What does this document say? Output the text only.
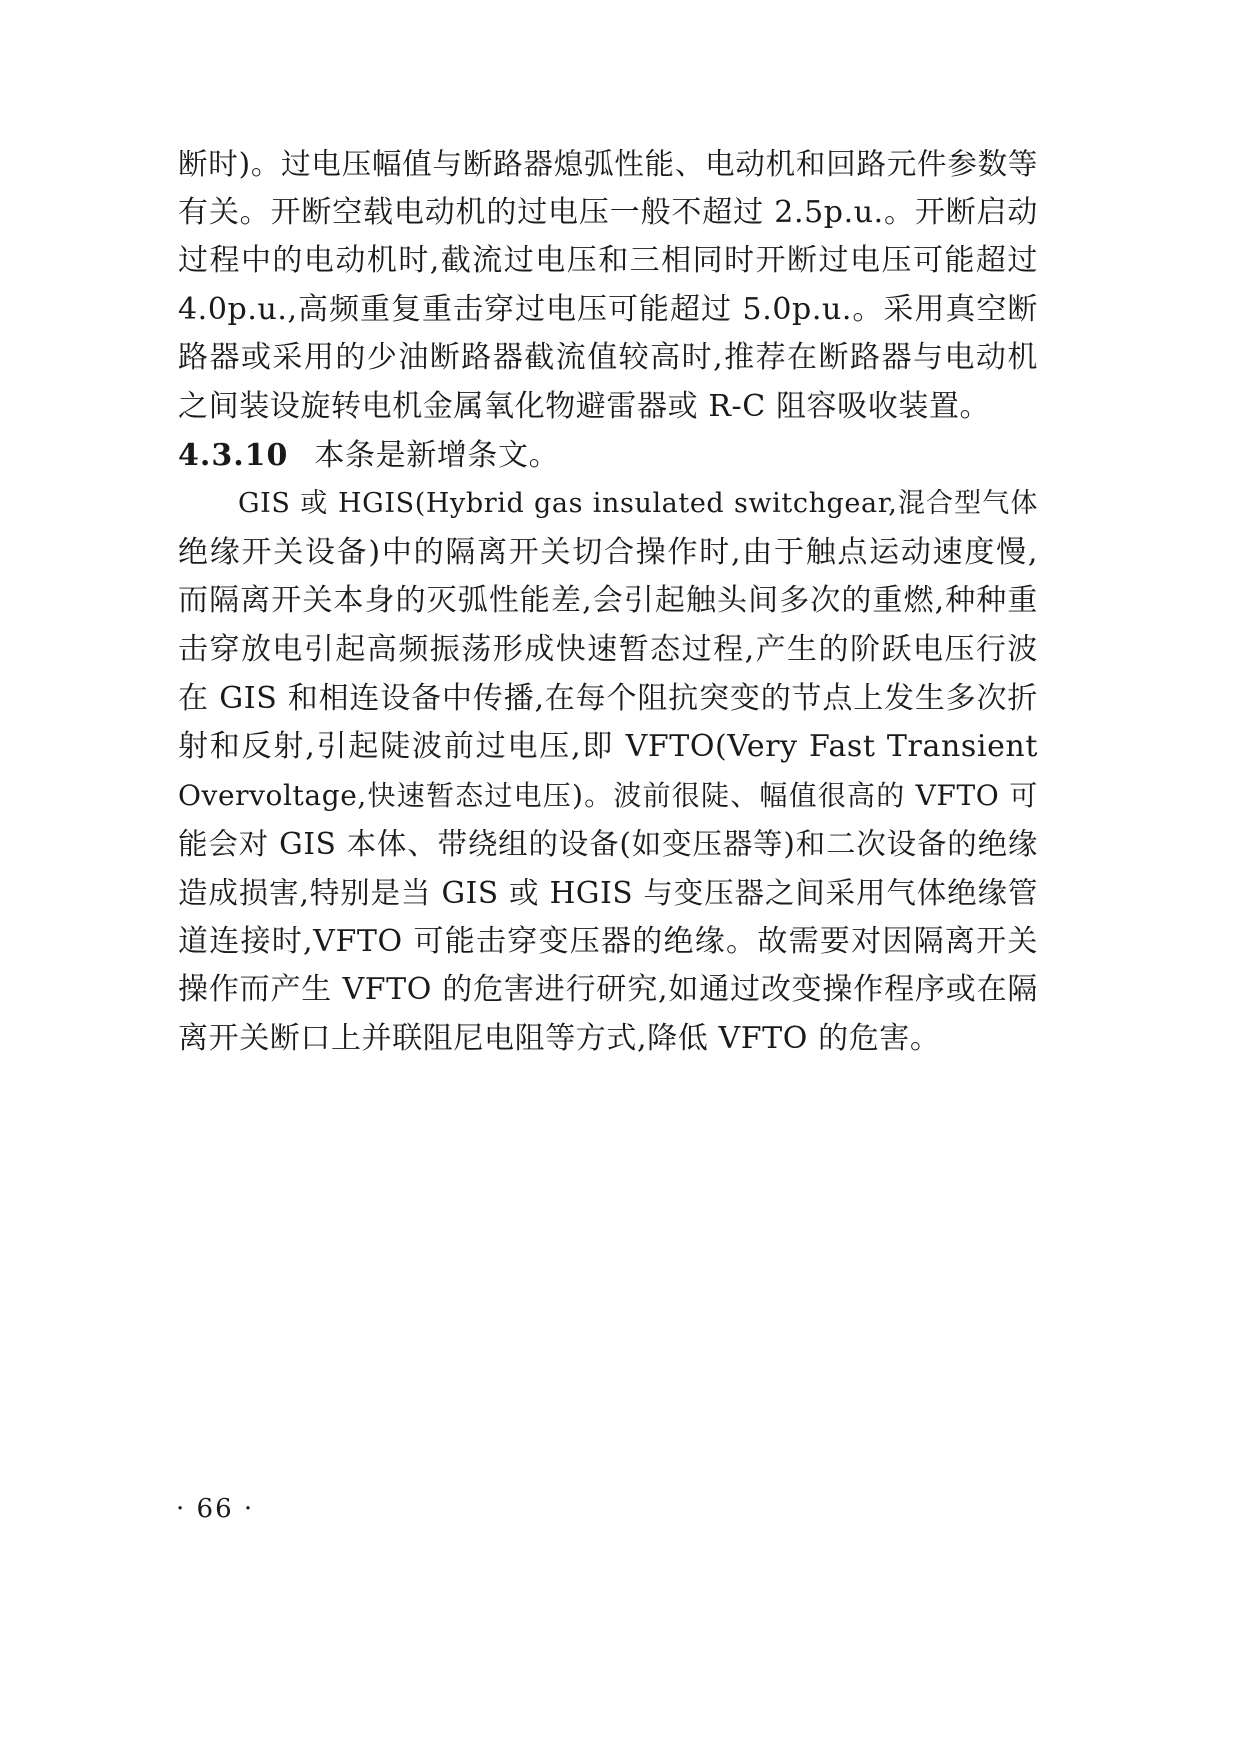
断时)。过电压幅值与断路器熄弧性能、电动机和回路元件参数等
有关。开断空载电动机的过电压一般不超过 2.5p.u.。开断启动
过程中的电动机时,截流过电压和三相同时开断过电压可能超过
4.0p.u.,高频重复重击穿过电压可能超过 5.0p.u.。采用真空断
路器或采用的少油断路器截流值较高时,推荐在断路器与电动机
之间装设旋转电机金属氧化物避雷器或 R-C 阻容吸收装置。
4.3.10 本条是新增条文。
GIS 或 HGIS(Hybrid gas insulated switchgear,混合型气体
绝缘开关设备)中的隔离开关切合操作时,由于触点运动速度慢,
而隔离开关本身的灭弧性能差,会引起触头间多次的重燃,种种重
击穿放电引起高频振荡形成快速暂态过程,产生的阶跃电压行波
在 GIS 和相连设备中传播,在每个阻抗突变的节点上发生多次折
射和反射,引起陡波前过电压,即 VFTO(Very Fast Transient
Overvoltage,快速暂态过电压)。波前很陡、幅值很高的 VFTO 可
能会对 GIS 本体、带绕组的设备(如变压器等)和二次设备的绝缘
造成损害,特别是当 GIS 或 HGIS 与变压器之间采用气体绝缘管
道连接时,VFTO 可能击穿变压器的绝缘。故需要对因隔离开关
操作而产生 VFTO 的危害进行研究,如通过改变操作程序或在隔
离开关断口上并联阻尼电阻等方式,降低 VFTO 的危害。
· 66 ·
